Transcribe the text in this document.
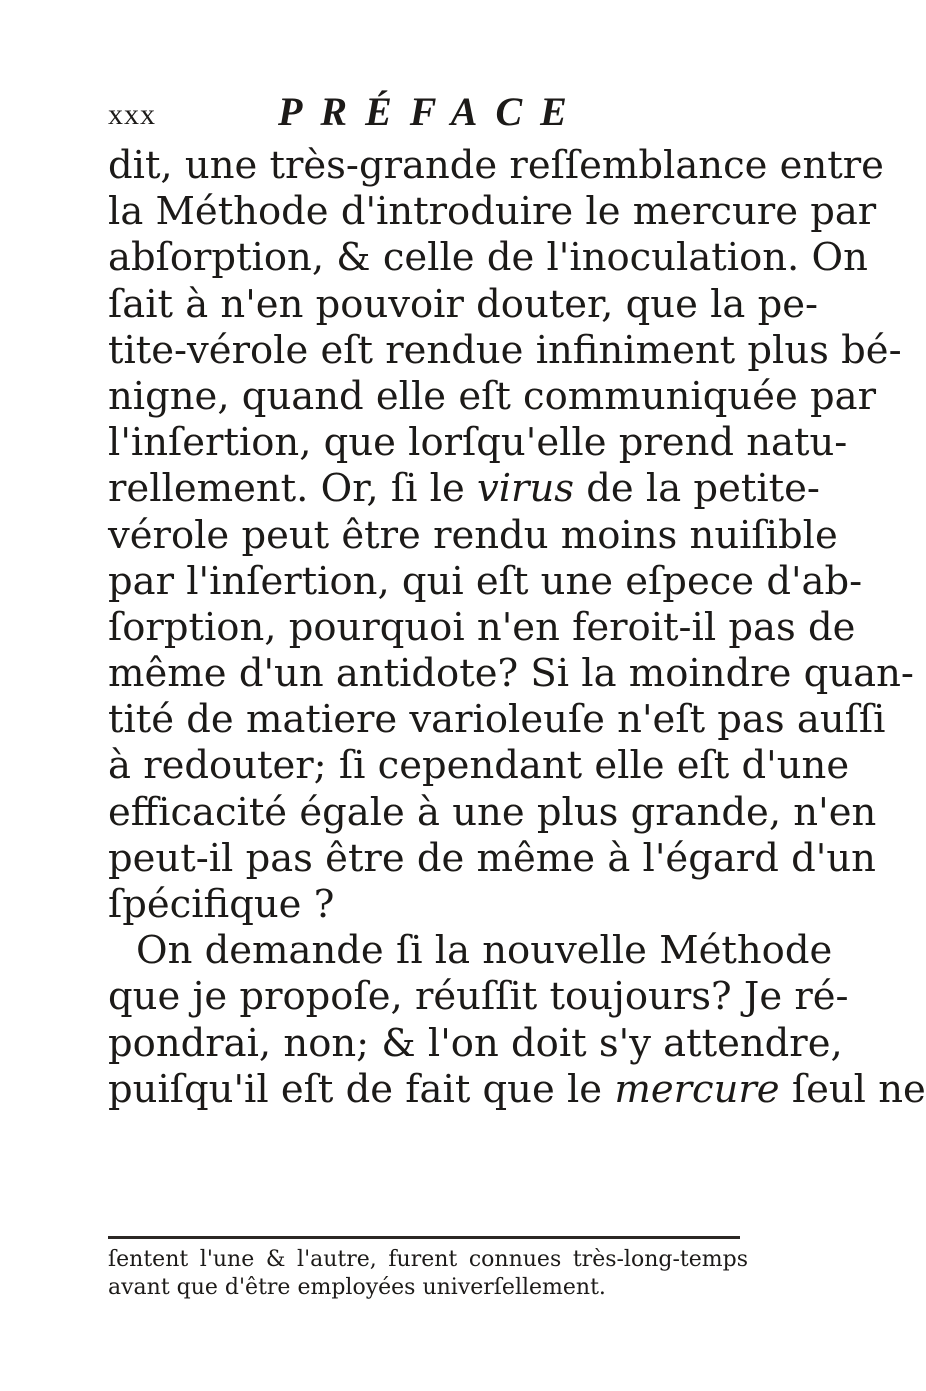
xxx	PRÉFACE
dit, une très-grande reſſemblance entre
la Méthode d'introduire le mercure par
abſorption, & celle de l'inoculation. On
ſait à n'en pouvoir douter, que la pe-
tite-vérole eſt rendue infiniment plus bé-
nigne, quand elle eſt communiquée par
l'inſertion, que lorſqu'elle prend natu-
rellement. Or, ſi le virus de la petite-
vérole peut être rendu moins nuiſible
par l'inſertion, qui eſt une eſpece d'ab-
ſorption, pourquoi n'en feroit-il pas de
même d'un antidote? Si la moindre quan-
tité de matiere varioleuſe n'eſt pas auſſi
à redouter; ſi cependant elle eſt d'une
efficacité égale à une plus grande, n'en
peut-il pas être de même à l'égard d'un
ſpécifique ?
On demande ſi la nouvelle Méthode
que je propoſe, réuſſit toujours? Je ré-
pondrai, non; & l'on doit s'y attendre,
puiſqu'il eſt de fait que le mercure ſeul ne
ſentent l'une & l'autre, furent connues très-long-temps
avant que d'être employées univerſellement.
